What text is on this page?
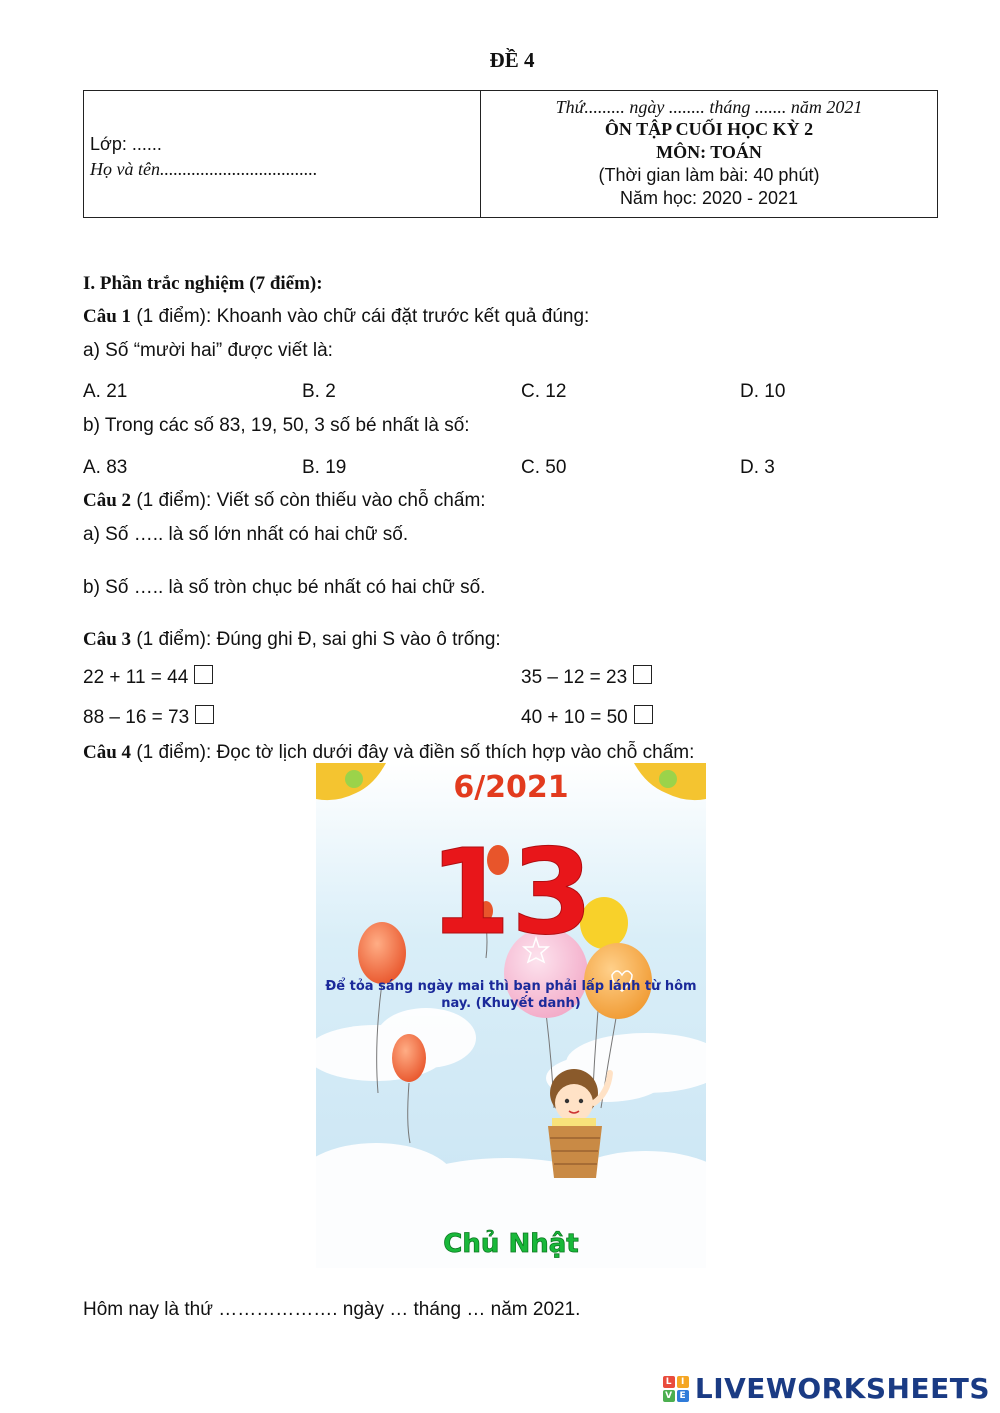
ĐỀ 4
Lớp: ......
Họ và tên...................................
Thứ......... ngày ........ tháng ....... năm 2021
ÔN TẬP CUỐI HỌC KỲ 2
MÔN: TOÁN
(Thời gian làm bài: 40 phút)
Năm học: 2020 - 2021
I. Phần trắc nghiệm (7 điểm):
Câu 1 (1 điểm): Khoanh vào chữ cái đặt trước kết quả đúng:
a) Số “mười hai” được viết là:
A. 21	B. 2	C. 12	D. 10
b) Trong các số 83, 19, 50, 3 số bé nhất là số:
A. 83	B. 19	C. 50	D. 3
Câu 2 (1 điểm): Viết số còn thiếu vào chỗ chấm:
a) Số ….. là số lớn nhất có hai chữ số.
b) Số ….. là số tròn chục bé nhất có hai chữ số.
Câu 3 (1 điểm): Đúng ghi Đ, sai ghi S vào ô trống:
22 + 11 = 44	35 – 12 = 23
88 – 16 = 73	40 + 10 = 50
Câu 4 (1 điểm): Đọc tờ lịch dưới đây và điền số thích hợp vào chỗ chấm:
6/2021
13
Để tỏa sáng ngày mai thì bạn phải lấp lánh từ hôm
nay. (Khuyết danh)
Chủ Nhật
Hôm nay là thứ ………………. ngày … tháng … năm 2021.
L I
V E LIVEWORKSHEETS
